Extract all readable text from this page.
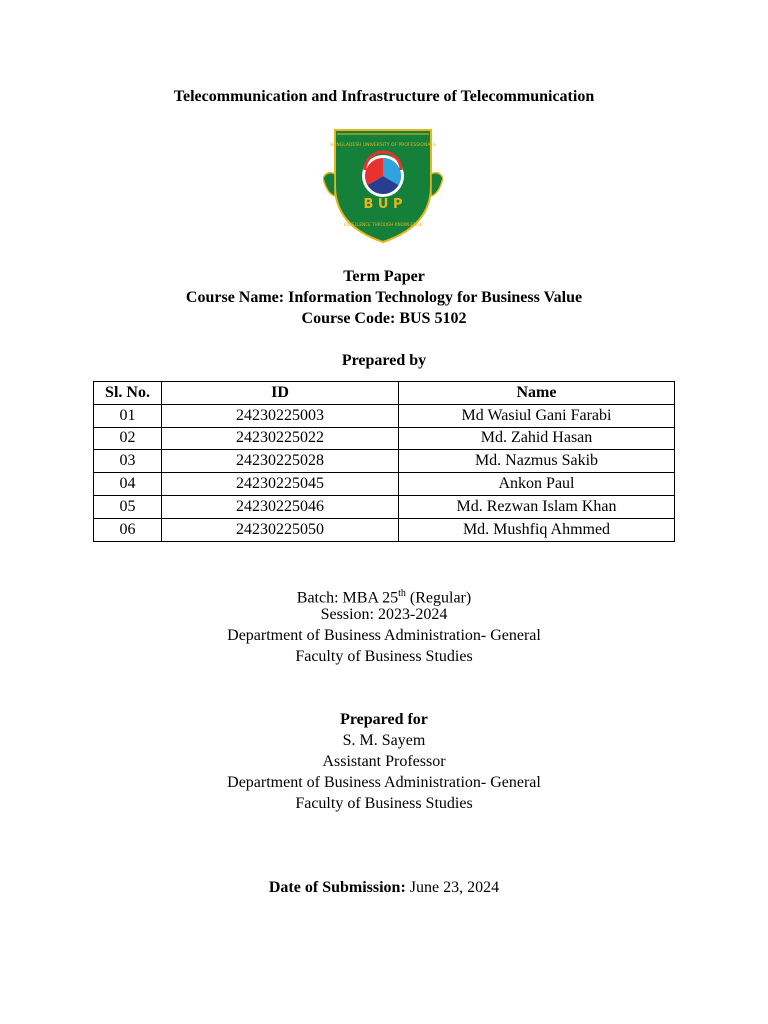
Telecommunication and Infrastructure of Telecommunication
BANGLADESH UNIVERSITY OF PROFESSIONALS
B U P
EXCELLENCE THROUGH KNOWLEDGE
Term Paper
Course Name: Information Technology for Business Value
Course Code: BUS 5102
Prepared by
Sl. No.	ID	Name
01	24230225003	Md Wasiul Gani Farabi
02	24230225022	Md. Zahid Hasan
03	24230225028	Md. Nazmus Sakib
04	24230225045	Ankon Paul
05	24230225046	Md. Rezwan Islam Khan
06	24230225050	Md. Mushfiq Ahmmed
Batch: MBA 25th (Regular)
Session: 2023-2024
Department of Business Administration- General
Faculty of Business Studies
Prepared for
S. M. Sayem
Assistant Professor
Department of Business Administration- General
Faculty of Business Studies
Date of Submission: June 23, 2024
